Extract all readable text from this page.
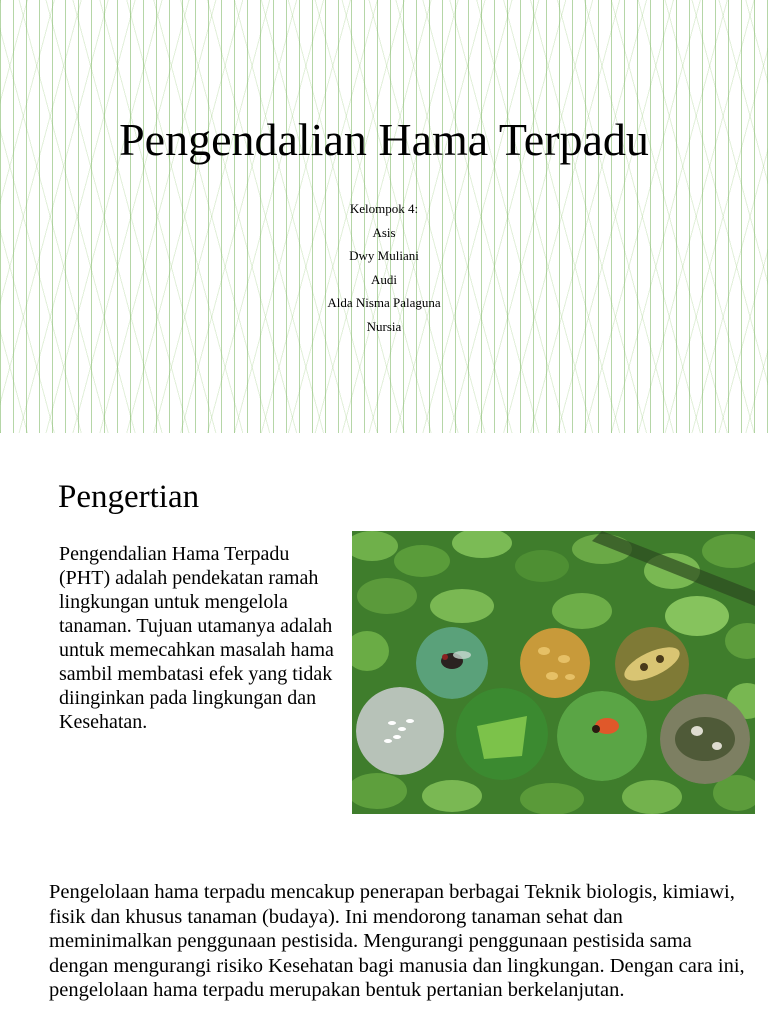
Pengendalian Hama Terpadu
Kelompok 4:
Asis
Dwy Muliani
Audi
Alda Nisma Palaguna
Nursia
Pengertian
Pengendalian Hama Terpadu (PHT) adalah pendekatan ramah lingkungan untuk mengelola tanaman. Tujuan utamanya adalah untuk memecahkan masalah hama sambil membatasi efek yang tidak diinginkan pada lingkungan dan Kesehatan.
Pengelolaan hama terpadu mencakup penerapan berbagai Teknik biologis, kimiawi, fisik dan khusus tanaman (budaya). Ini mendorong tanaman sehat dan meminimalkan penggunaan pestisida. Mengurangi penggunaan pestisida sama dengan mengurangi risiko Kesehatan bagi manusia dan lingkungan. Dengan cara ini, pengelolaan hama terpadu merupakan bentuk pertanian berkelanjutan.
